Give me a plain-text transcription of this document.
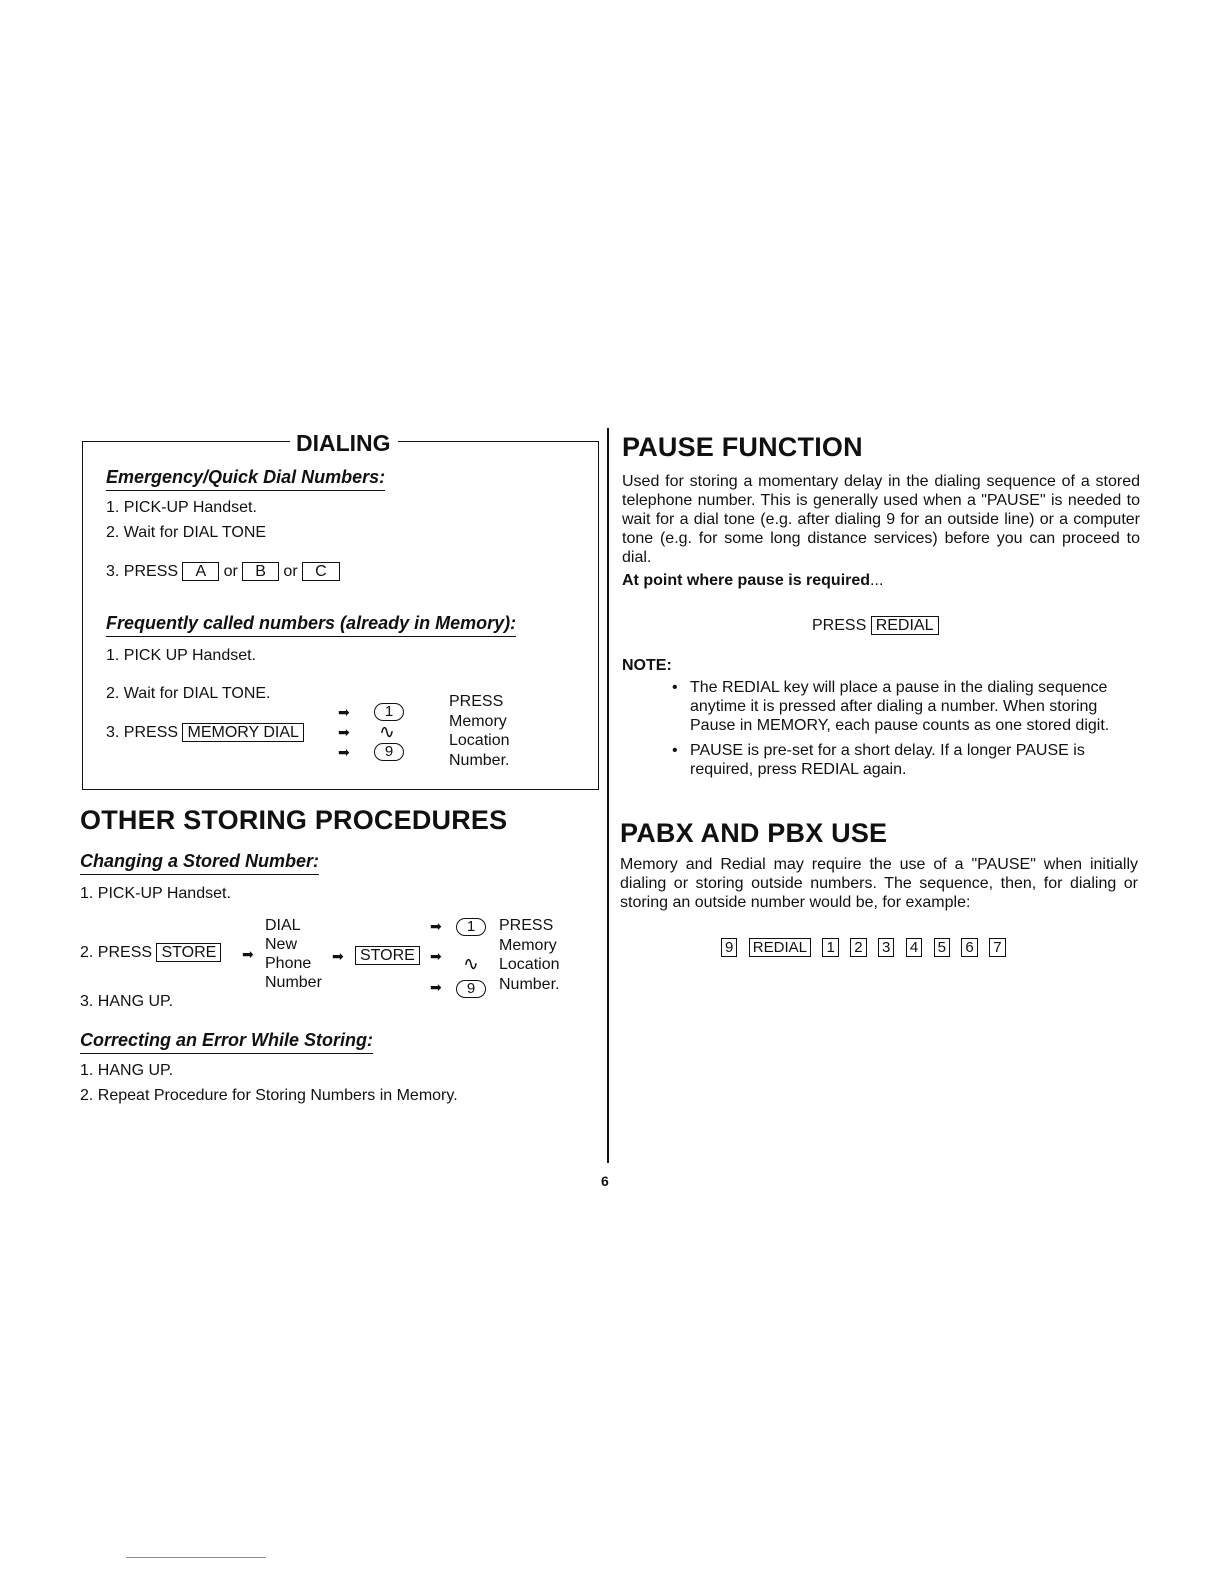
DIALING
Emergency/Quick Dial Numbers:
1. PICK-UP Handset.
2. Wait for DIAL TONE
3. PRESS A or B or C
Frequently called numbers (already in Memory):
1. PICK UP Handset.
2. Wait for DIAL TONE.
3. PRESS MEMORY DIAL
➡
➡
➡
1
∿
9
PRESS
Memory
Location
Number.
OTHER STORING PROCEDURES
Changing a Stored Number:
1. PICK-UP Handset.
2. PRESS STORE	➡
DIAL
New
Phone
Number
➡	STORE	➡
➡
➡
1
∿
9
PRESS
Memory
Location
Number.
3. HANG UP.
Correcting an Error While Storing:
1. HANG UP.
2. Repeat Procedure for Storing Numbers in Memory.
6
PAUSE FUNCTION
Used for storing a momentary delay in the dialing sequence of a stored telephone number. This is generally used when a "PAUSE" is needed to wait for a dial tone (e.g. after dialing 9 for an outside line) or a computer tone (e.g. for some long distance services) before you can proceed to dial.
At point where pause is required...
PRESS REDIAL
NOTE:
• The REDIAL key will place a pause in the dialing sequence anytime it is pressed after dialing a number. When storing Pause in MEMORY, each pause counts as one stored digit.
• PAUSE is pre-set for a short delay. If a longer PAUSE is required, press REDIAL again.
PABX AND PBX USE
Memory and Redial may require the use of a "PAUSE" when initially dialing or storing outside numbers. The sequence, then, for dialing or storing an outside number would be, for example:
9 REDIAL 1 2 3 4 5 6 7
